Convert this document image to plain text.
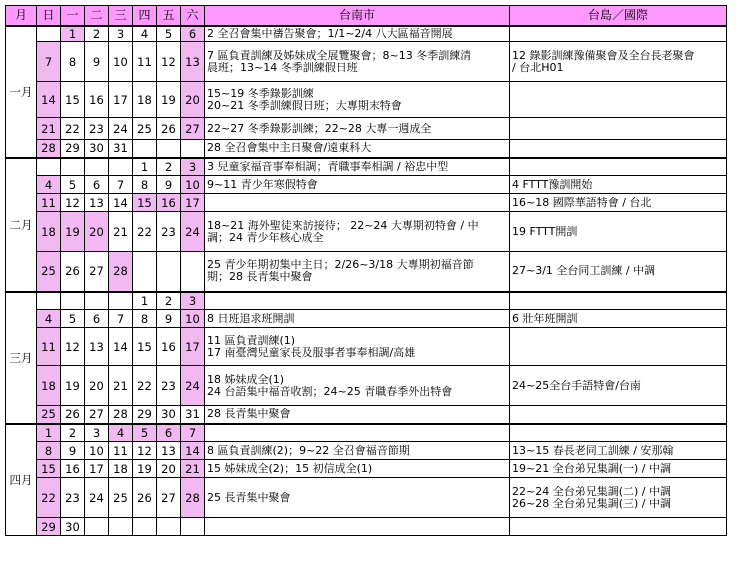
月	日	一	二	三	四	五	六	台南市	台島／國際
一月		1	2	3	4	5	6	2 全召會集中禱告聚會；1/1~2/4 八大區福音開展	

	7	8	9	10	11	12	13	7 區負責訓練及姊妹成全展覽聚會；8~13 冬季訓練清
晨班；13~14 冬季訓練假日班	12 錄影訓練豫備聚會及全台長老聚會
/ 台北H01

	14	15	16	17	18	19	20	15~19 冬季錄影訓練
20~21 冬季訓練假日班；大專期末特會	

	21	22	23	24	25	26	27	22~27 冬季錄影訓練；22~28 大專一週成全	

	28	29	30	31				28 全召會集中主日聚會/遠東科大	

二月					1	2	3	3 兒童家福音事奉相調；青職事奉相調 / 裕忠中型	

	4	5	6	7	8	9	10	9~11 青少年寒假特會	4 FTTT豫訓開始

	11	12	13	14	15	16	17		16~18 國際華語特會 / 台北

	18	19	20	21	22	23	24	18~21 海外聖徒來訪接待； 22~24 大專期初特會 / 中
調；24 青少年核心成全	19 FTTT開訓

	25	26	27	28				25 青少年期初集中主日；2/26~3/18 大專期初福音節
期；28 長青集中聚會	27~3/1 全台同工訓練 / 中調

三月					1	2	3		
	4	5	6	7	8	9	10	8 日班追求班開訓	6 壯年班開訓

	11	12	13	14	15	16	17	11 區負責訓練(1)
17 南臺灣兒童家長及服事者事奉相調/高雄	

	18	19	20	21	22	23	24	18 姊妹成全(1)
24 台語集中福音收割；24~25 青職春季外出特會	24~25全台手語特會/台南

	25	26	27	28	29	30	31	28 長青集中聚會	

四月	1	2	3	4	5	6	7		
	8	9	10	11	12	13	14	8 區負責訓練(2)；9~22 全召會福音節期	13~15 春長老同工訓練 / 安那翰

	15	16	17	18	19	20	21	15 姊妹成全(2)；15 初信成全(1)	19~21 全台弟兄集調(一) / 中調

	22	23	24	25	26	27	28	25 長青集中聚會	22~24 全台弟兄集調(二) / 中調
26~28 全台弟兄集調(三) / 中調

	29	30							
